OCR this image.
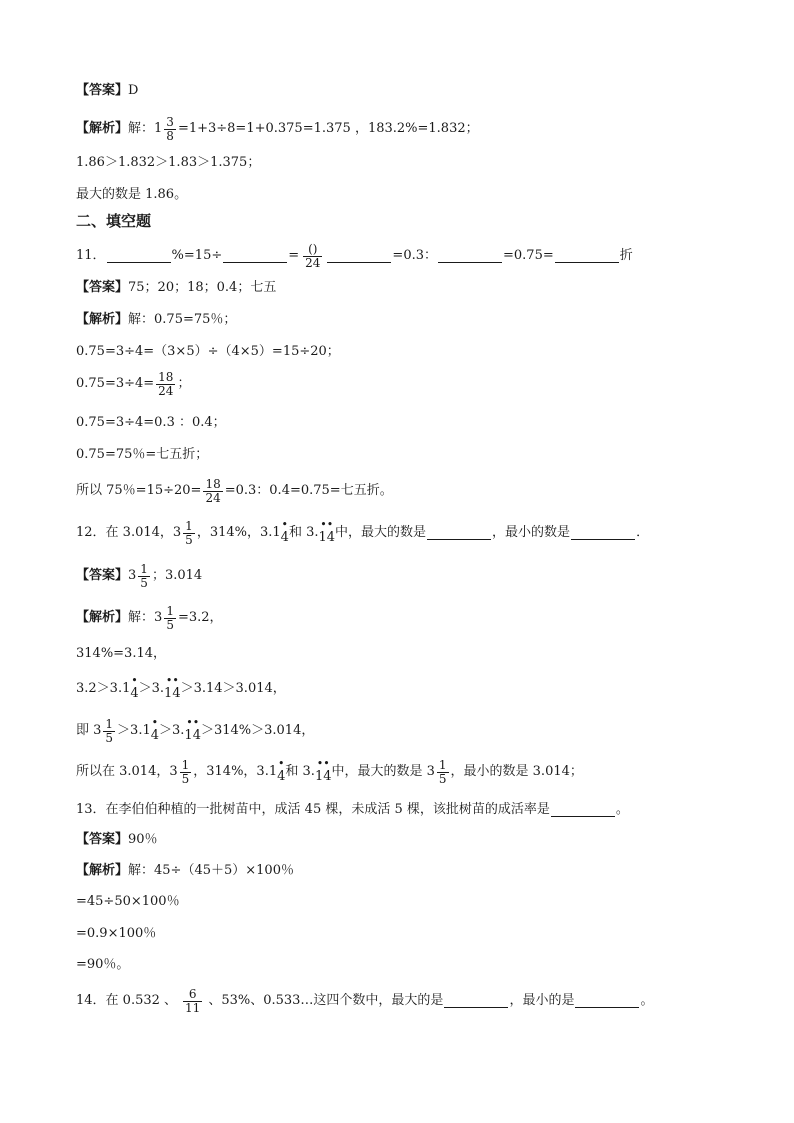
【答案】 D
【解析】 解：$1 \frac{3}{8} =1+3\div 8=1+0.375=1.375$ ，183.2%=1.832；
1.86＞1.832＞1.83＞1.375；
最大的数是 1.86。
二、填空题
11．	%=15÷	= $\frac{()}{24}$	=0.3：	=0.75=	折
【答案】 75；20；18；0.4；七五
【解析】 解：0.75=75％；
0.75=3÷4=（3×5）÷（4×5）=15÷20；
$0.75=3\div 4= \frac{18}{24}$ ；
0.75=3÷4=0.3 ：0.4；
0.75=75％=七五折；
所以 75％$=15\div 20= \frac{18}{24} =0.3$：0.4=0.75=七五折。
12． 在 3.014，$3 \frac{1}{5}$ ，314%，3.1
•
4 和 3.
••
14 中，最大的数是	，最小的数是	．
【答案】 $3 \frac{1}{5}$ ；3.014
【解析】 解： $3 \frac{1}{5} =3.2$，
314%=3.14，
3.2＞3.1
•
4 ＞3.
••
14 ＞3.14＞3.014，
即 $3 \frac{1}{5} >3.1$
•
4 ＞3.
••
14 ＞314%＞3.014，
所以在 3.014，$3 \frac{1}{5}$ ，314%，3.1
•
4 和 3.
••
14 中，最大的数是 $3 \frac{1}{5}$ ，最小的数是 3.014；
13． 在李伯伯种植的一批树苗中，成活 45 棵，未成活 5 棵，该批树苗的成活率是	。
【答案】 90％
【解析】 解：45÷（45＋5）×100％
=45÷50×100％
=0.9×100％
=90％。
14． 在 0.532 、 $\frac{6}{11}$ 、53%、0.533…这四个数中，最大的是	，最小的是	。
